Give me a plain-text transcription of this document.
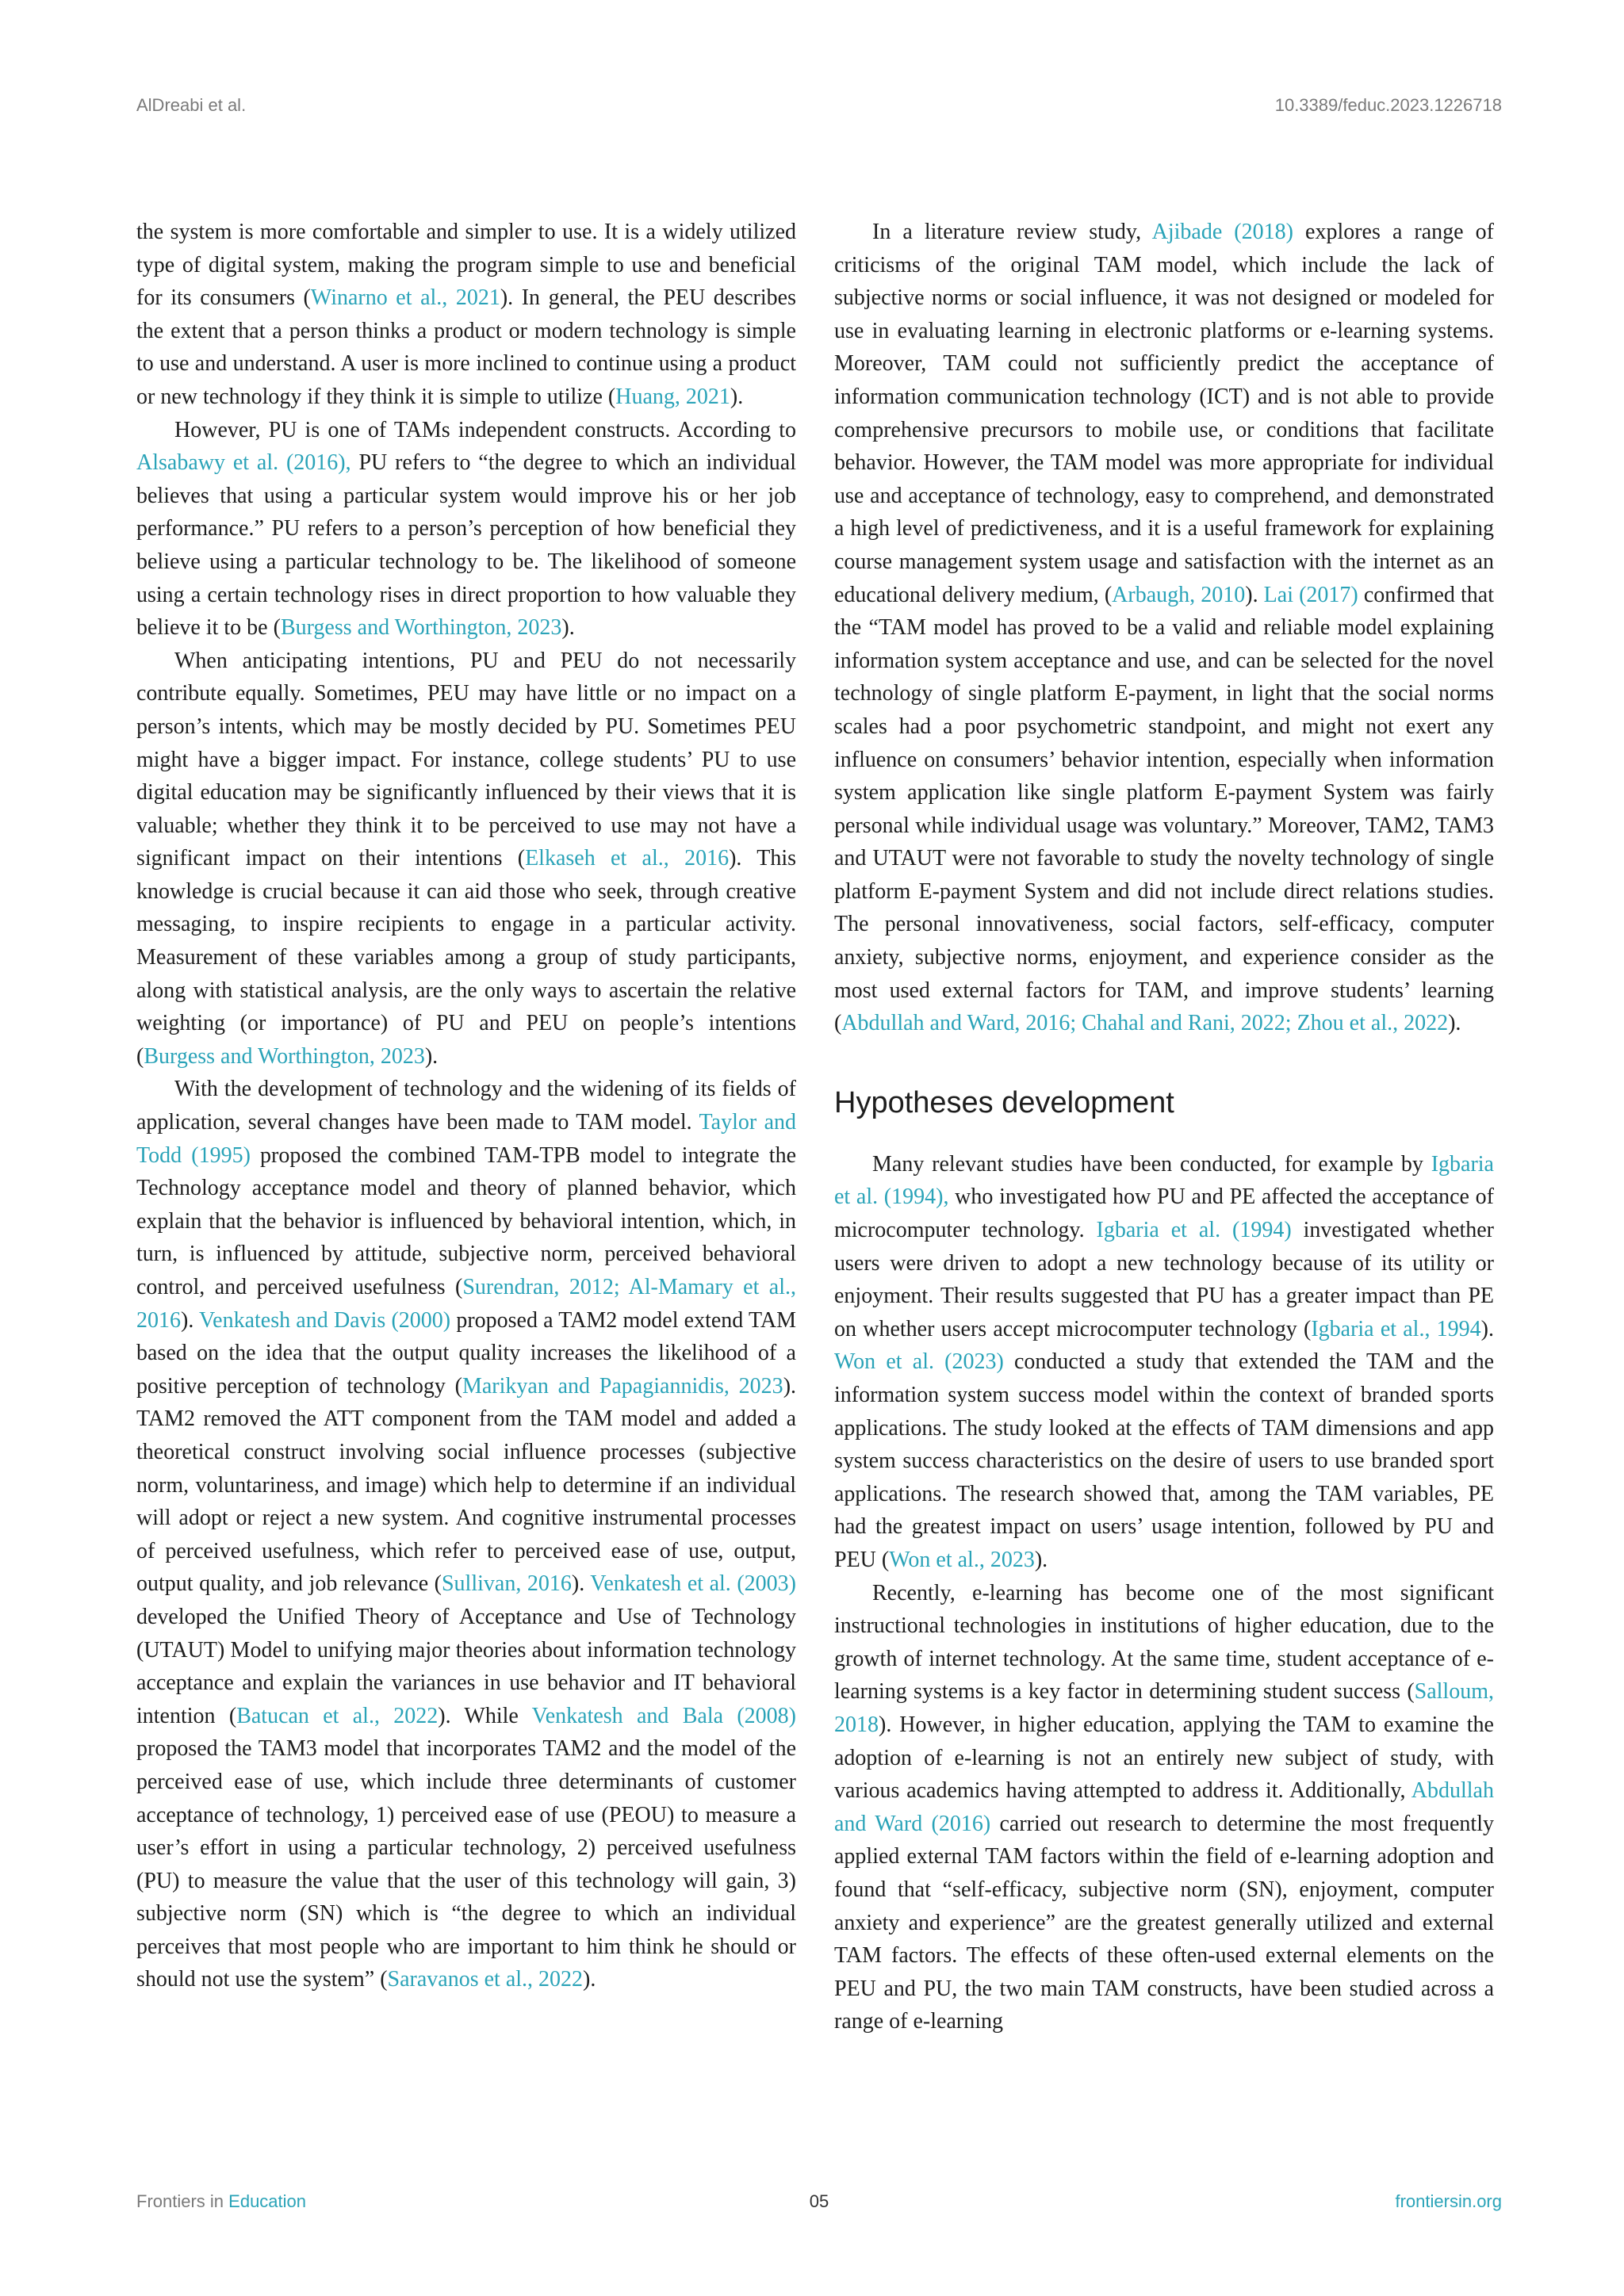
AlDreabi et al.	10.3389/feduc.2023.1226718

the system is more comfortable and simpler to use. It is a widely utilized type of digital system, making the program simple to use and beneficial for its consumers (Winarno et al., 2021). In general, the PEU describes the extent that a person thinks a product or modern technology is simple to use and understand. A user is more inclined to continue using a product or new technology if they think it is simple to utilize (Huang, 2021).

However, PU is one of TAMs independent constructs. According to Alsabawy et al. (2016), PU refers to “the degree to which an individual believes that using a particular system would improve his or her job performance.” PU refers to a person’s perception of how beneficial they believe using a particular technology to be. The likelihood of someone using a certain technology rises in direct proportion to how valuable they believe it to be (Burgess and Worthington, 2023).

When anticipating intentions, PU and PEU do not necessarily contribute equally. Sometimes, PEU may have little or no impact on a person’s intents, which may be mostly decided by PU. Sometimes PEU might have a bigger impact. For instance, college students’ PU to use digital education may be significantly influenced by their views that it is valuable; whether they think it to be perceived to use may not have a significant impact on their intentions (Elkaseh et al., 2016). This knowledge is crucial because it can aid those who seek, through creative messaging, to inspire recipients to engage in a particular activity. Measurement of these variables among a group of study participants, along with statistical analysis, are the only ways to ascertain the relative weighting (or importance) of PU and PEU on people’s intentions (Burgess and Worthington, 2023).

With the development of technology and the widening of its fields of application, several changes have been made to TAM model. Taylor and Todd (1995) proposed the combined TAM-TPB model to integrate the Technology acceptance model and theory of planned behavior, which explain that the behavior is influenced by behavioral intention, which, in turn, is influenced by attitude, subjective norm, perceived behavioral control, and perceived usefulness (Surendran, 2012; Al-Mamary et al., 2016). Venkatesh and Davis (2000) proposed a TAM2 model extend TAM based on the idea that the output quality increases the likelihood of a positive perception of technology (Marikyan and Papagiannidis, 2023). TAM2 removed the ATT component from the TAM model and added a theoretical construct involving social influence processes (subjective norm, voluntariness, and image) which help to determine if an individual will adopt or reject a new system. And cognitive instrumental processes of perceived usefulness, which refer to perceived ease of use, output, output quality, and job relevance (Sullivan, 2016). Venkatesh et al. (2003) developed the Unified Theory of Acceptance and Use of Technology (UTAUT) Model to unifying major theories about information technology acceptance and explain the variances in use behavior and IT behavioral intention (Batucan et al., 2022). While Venkatesh and Bala (2008) proposed the TAM3 model that incorporates TAM2 and the model of the perceived ease of use, which include three determinants of customer acceptance of technology, 1) perceived ease of use (PEOU) to measure a user’s effort in using a particular technology, 2) perceived usefulness (PU) to measure the value that the user of this technology will gain, 3) subjective norm (SN) which is “the degree to which an individual perceives that most people who are important to him think he should or should not use the system” (Saravanos et al., 2022).

In a literature review study, Ajibade (2018) explores a range of criticisms of the original TAM model, which include the lack of subjective norms or social influence, it was not designed or modeled for use in evaluating learning in electronic platforms or e-learning systems. Moreover, TAM could not sufficiently predict the acceptance of information communication technology (ICT) and is not able to provide comprehensive precursors to mobile use, or conditions that facilitate behavior. However, the TAM model was more appropriate for individual use and acceptance of technology, easy to comprehend, and demonstrated a high level of predictiveness, and it is a useful framework for explaining course management system usage and satisfaction with the internet as an educational delivery medium, (Arbaugh, 2010). Lai (2017) confirmed that the “TAM model has proved to be a valid and reliable model explaining information system acceptance and use, and can be selected for the novel technology of single platform E-payment, in light that the social norms scales had a poor psychometric standpoint, and might not exert any influence on consumers’ behavior intention, especially when information system application like single platform E-payment System was fairly personal while individual usage was voluntary.” Moreover, TAM2, TAM3 and UTAUT were not favorable to study the novelty technology of single platform E-payment System and did not include direct relations studies. The personal innovativeness, social factors, self-efficacy, computer anxiety, subjective norms, enjoyment, and experience consider as the most used external factors for TAM, and improve students’ learning (Abdullah and Ward, 2016; Chahal and Rani, 2022; Zhou et al., 2022).

Hypotheses development

Many relevant studies have been conducted, for example by Igbaria et al. (1994), who investigated how PU and PE affected the acceptance of microcomputer technology. Igbaria et al. (1994) investigated whether users were driven to adopt a new technology because of its utility or enjoyment. Their results suggested that PU has a greater impact than PE on whether users accept microcomputer technology (Igbaria et al., 1994). Won et al. (2023) conducted a study that extended the TAM and the information system success model within the context of branded sports applications. The study looked at the effects of TAM dimensions and app system success characteristics on the desire of users to use branded sport applications. The research showed that, among the TAM variables, PE had the greatest impact on users’ usage intention, followed by PU and PEU (Won et al., 2023).

Recently, e-learning has become one of the most significant instructional technologies in institutions of higher education, due to the growth of internet technology. At the same time, student acceptance of e-learning systems is a key factor in determining student success (Salloum, 2018). However, in higher education, applying the TAM to examine the adoption of e-learning is not an entirely new subject of study, with various academics having attempted to address it. Additionally, Abdullah and Ward (2016) carried out research to determine the most frequently applied external TAM factors within the field of e-learning adoption and found that “self-efficacy, subjective norm (SN), enjoyment, computer anxiety and experience” are the greatest generally utilized and external TAM factors. The effects of these often-used external elements on the PEU and PU, the two main TAM constructs, have been studied across a range of e-learning

Frontiers in Education	05	frontiersin.org
